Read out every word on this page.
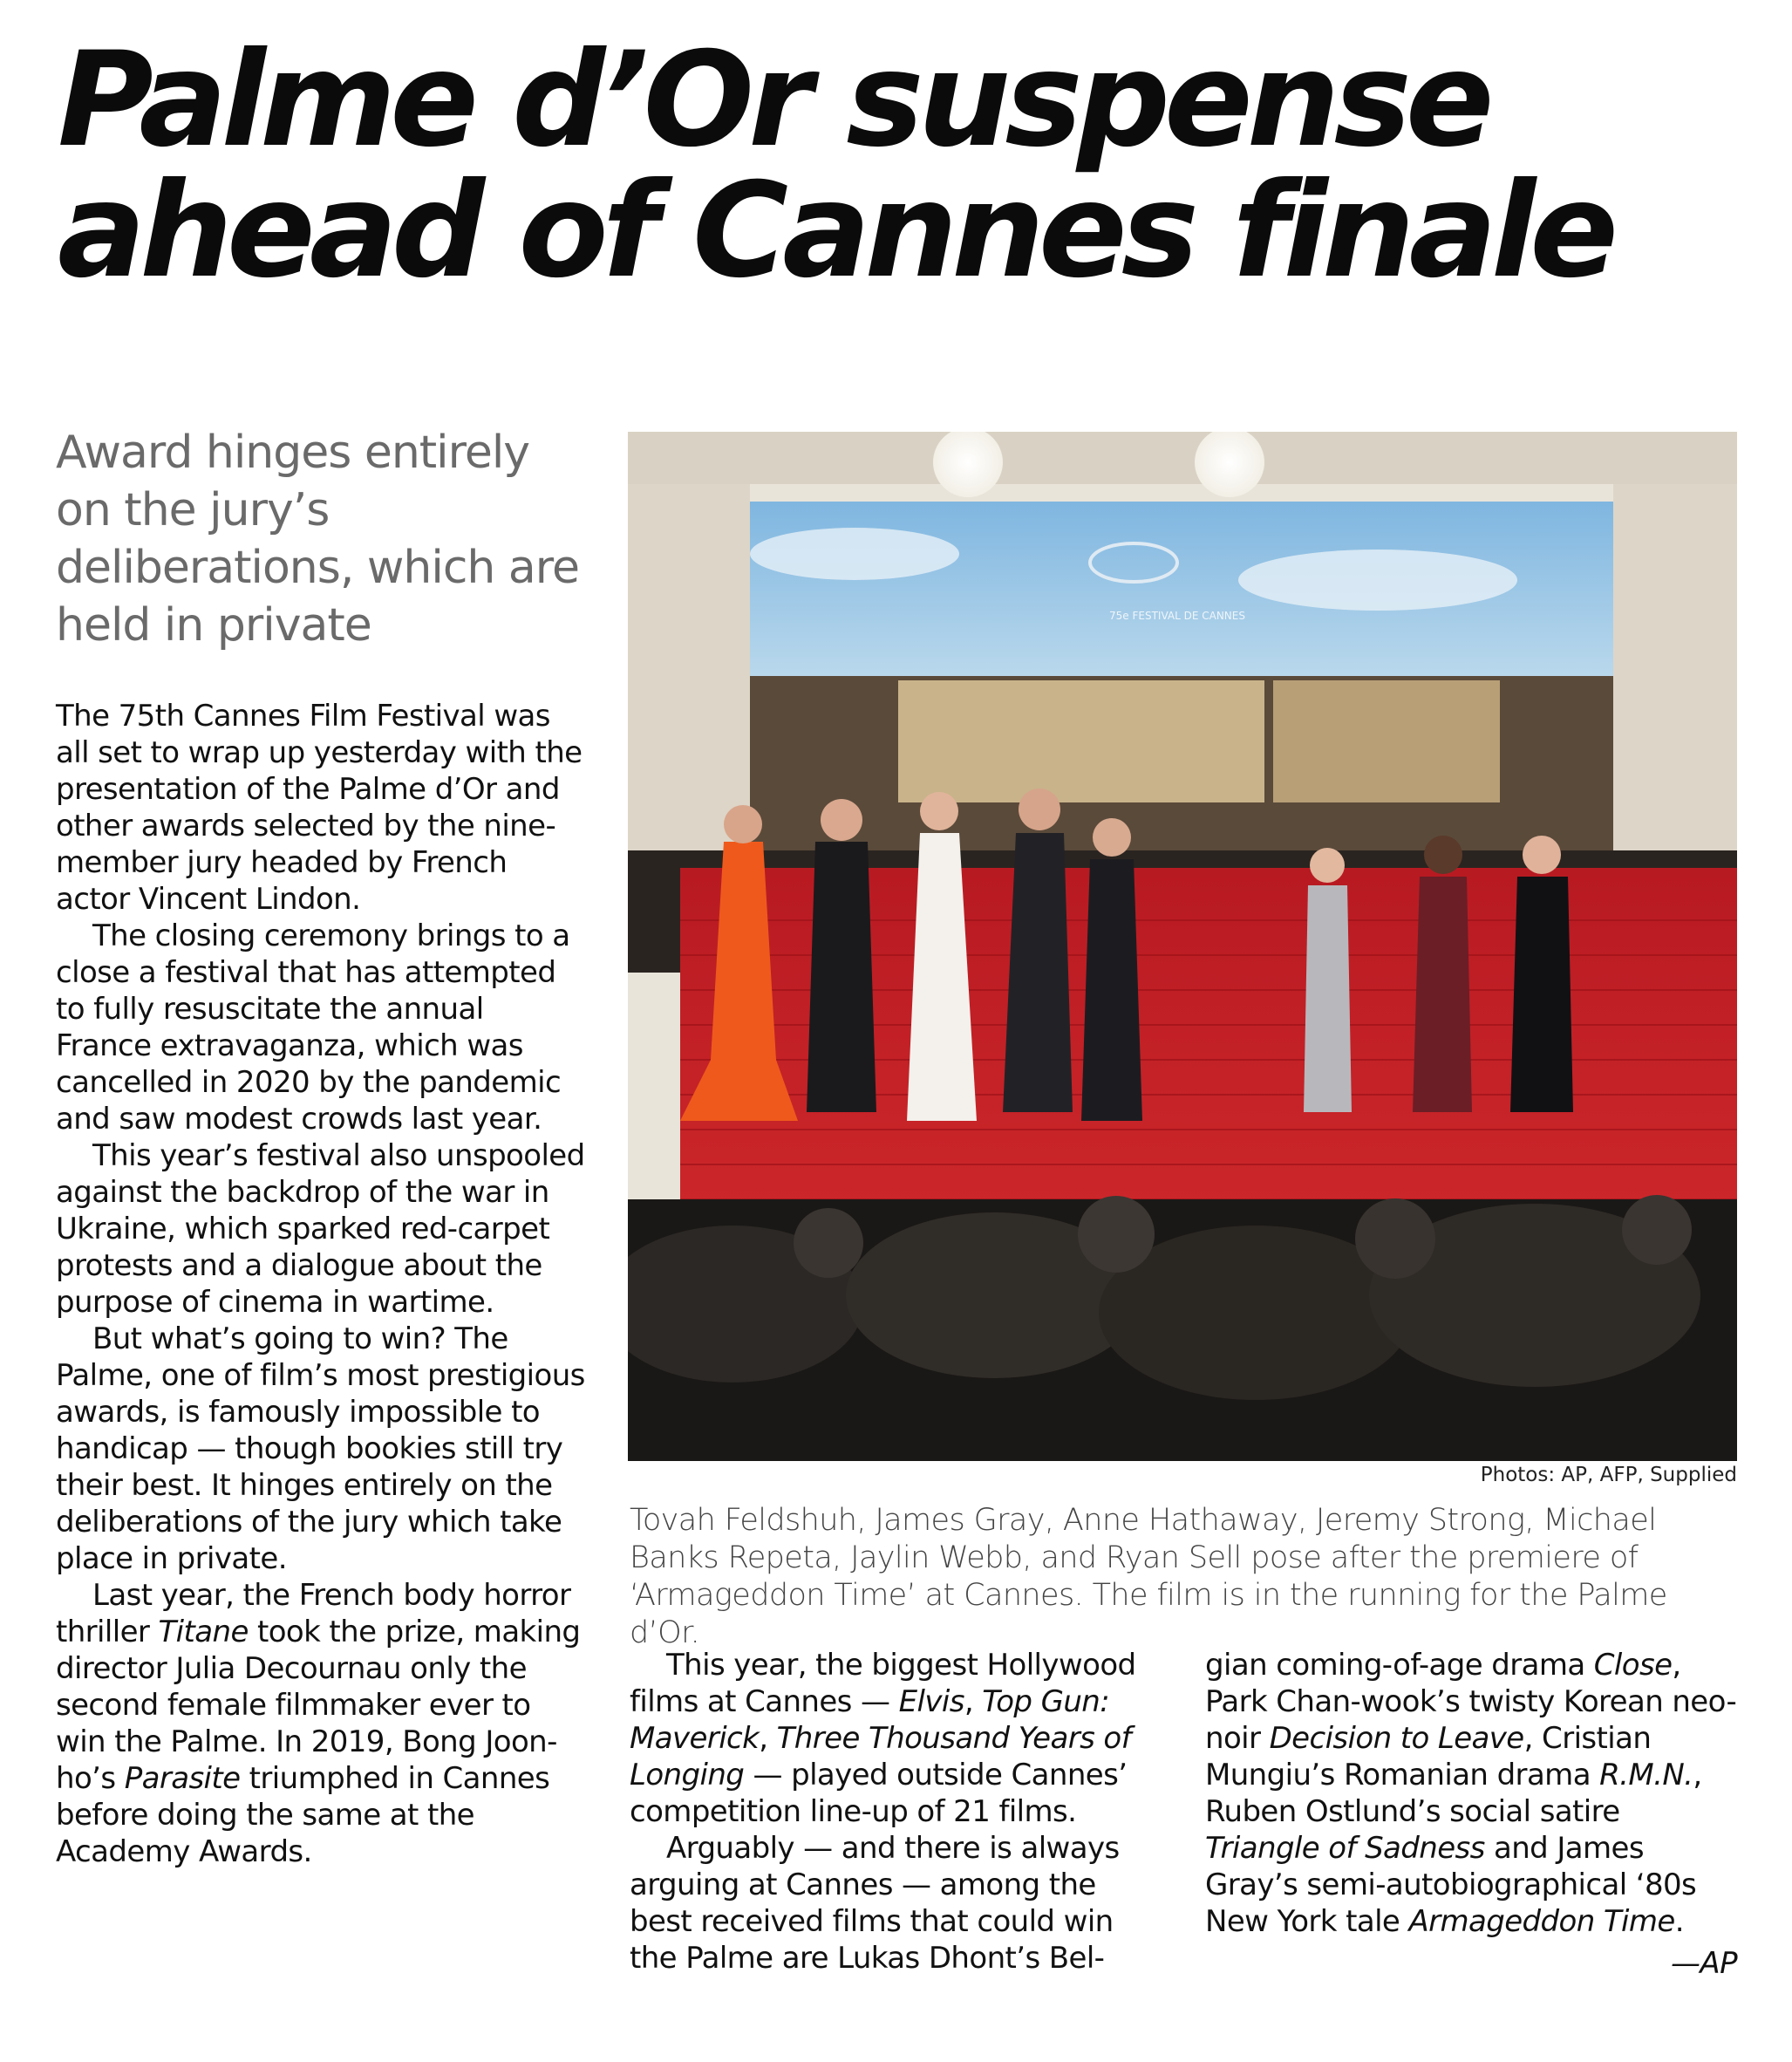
Palme d’Or suspense
ahead of Cannes finale
Award hinges entirely on the jury’s deliberations, which are held in private

The 75th Cannes Film Festival was all set to wrap up yesterday with the presentation of the Palme d’Or and other awards selected by the nine-member jury headed by French actor Vincent Lindon.

The closing ceremony brings to a close a festival that has attempted to fully resuscitate the annual France extravaganza, which was cancelled in 2020 by the pandemic and saw modest crowds last year.

This year’s festival also unspooled against the backdrop of the war in Ukraine, which sparked red-carpet protests and a dialogue about the purpose of cinema in wartime.

But what’s going to win? The Palme, one of film’s most prestigious awards, is famously impossible to handicap — though bookies still try their best. It hinges entirely on the deliberations of the jury which take place in private.

Last year, the French body horror thriller Titane took the prize, making director Julia Decournau only the second female filmmaker ever to win the Palme. In 2019, Bong Joon-ho’s Parasite triumphed in Cannes before doing the same at the Academy Awards.

75e FESTIVAL DE CANNES
Photos: AP, AFP, Supplied
Tovah Feldshuh, James Gray, Anne Hathaway, Jeremy Strong, Michael Banks Repeta, Jaylin Webb, and Ryan Sell pose after the premiere of ‘Armageddon Time’ at Cannes. The film is in the running for the Palme d’Or.

This year, the biggest Hollywood films at Cannes — Elvis, Top Gun: Maverick, Three Thousand Years of Longing — played outside Cannes’ competition line-up of 21 films.

Arguably — and there is always arguing at Cannes — among the best received films that could win the Palme are Lukas Dhont’s Bel-

gian coming-of-age drama Close, Park Chan-wook’s twisty Korean neo-noir Decision to Leave, Cristian Mungiu’s Romanian drama R.M.N., Ruben Ostlund’s social satire Triangle of Sadness and James Gray’s semi-autobiographical ‘80s New York tale Armageddon Time.

—AP
